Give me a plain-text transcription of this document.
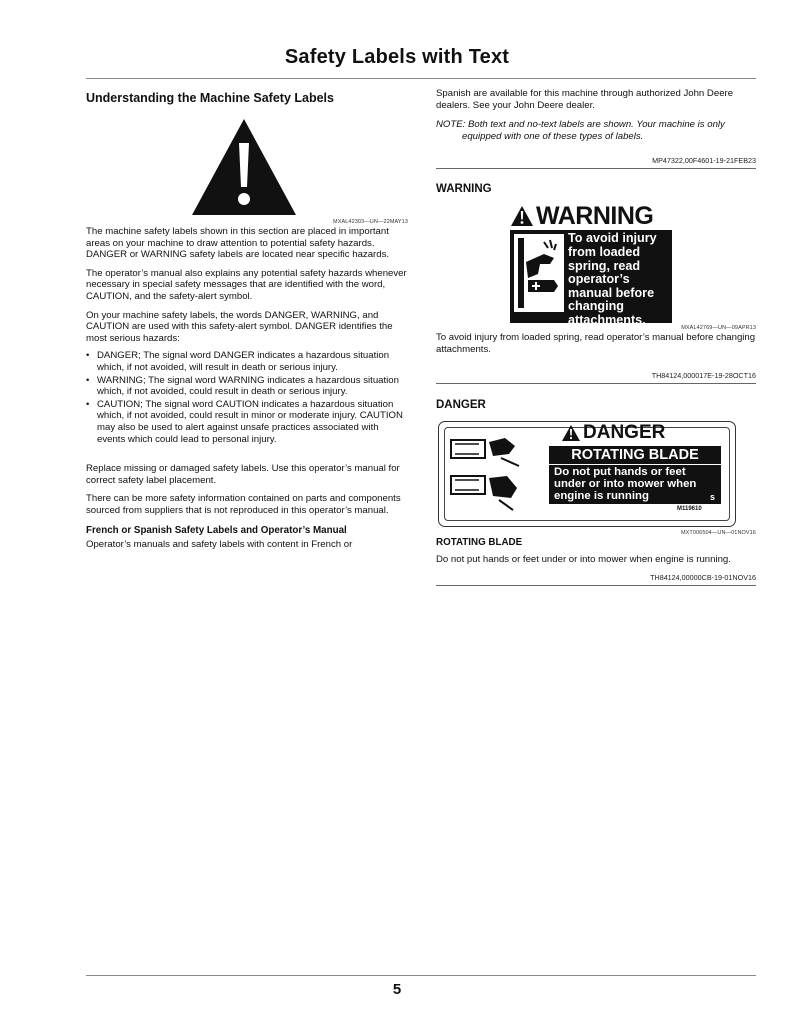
Safety Labels with Text
Understanding the Machine Safety Labels
MXAL42303—UN—22MAY13

The machine safety labels shown in this section are placed in important areas on your machine to draw attention to potential safety hazards. DANGER or WARNING safety labels are located near specific hazards.

The operator’s manual also explains any potential safety hazards whenever necessary in special safety messages that are identified with the word, CAUTION, and the safety-alert symbol.

On your machine safety labels, the words DANGER, WARNING, and CAUTION are used with this safety-alert symbol. DANGER identifies the most serious hazards:

• DANGER; The signal word DANGER indicates a hazardous situation which, if not avoided, will result in death or serious injury.
• WARNING; The signal word WARNING indicates a hazardous situation which, if not avoided, could result in death or serious injury.
• CAUTION; The signal word CAUTION indicates a hazardous situation which, if not avoided, could result in minor or moderate injury. CAUTION may also be used to alert against unsafe practices associated with events which could lead to personal injury.

Replace missing or damaged safety labels. Use this operator’s manual for correct safety label placement.

There can be more safety information contained on parts and components sourced from suppliers that is not reproduced in this operator’s manual.

French or Spanish Safety Labels and Operator’s Manual

Operator’s manuals and safety labels with content in French or

Spanish are available for this machine through authorized John Deere dealers. See your John Deere dealer.

NOTE: Both text and no-text labels are shown. Your machine is only equipped with one of these types of labels.

MP47322,00F4601-19-21FEB23
WARNING
WARNING
To avoid injury
from loaded
spring, read
operator’s
manual before
changing
attachments.
MXAL42769—UN—09APR13

To avoid injury from loaded spring, read operator’s manual before changing attachments.

TH84124,000017E-19-28OCT16
DANGER
DANGER
ROTATING BLADE
Do not put hands or feet
under or into mower when
engine is running	s
M119610
MXT006504—UN—01NOV16
ROTATING BLADE

Do not put hands or feet under or into mower when engine is running.

TH84124,00000CB-19-01NOV16
5
